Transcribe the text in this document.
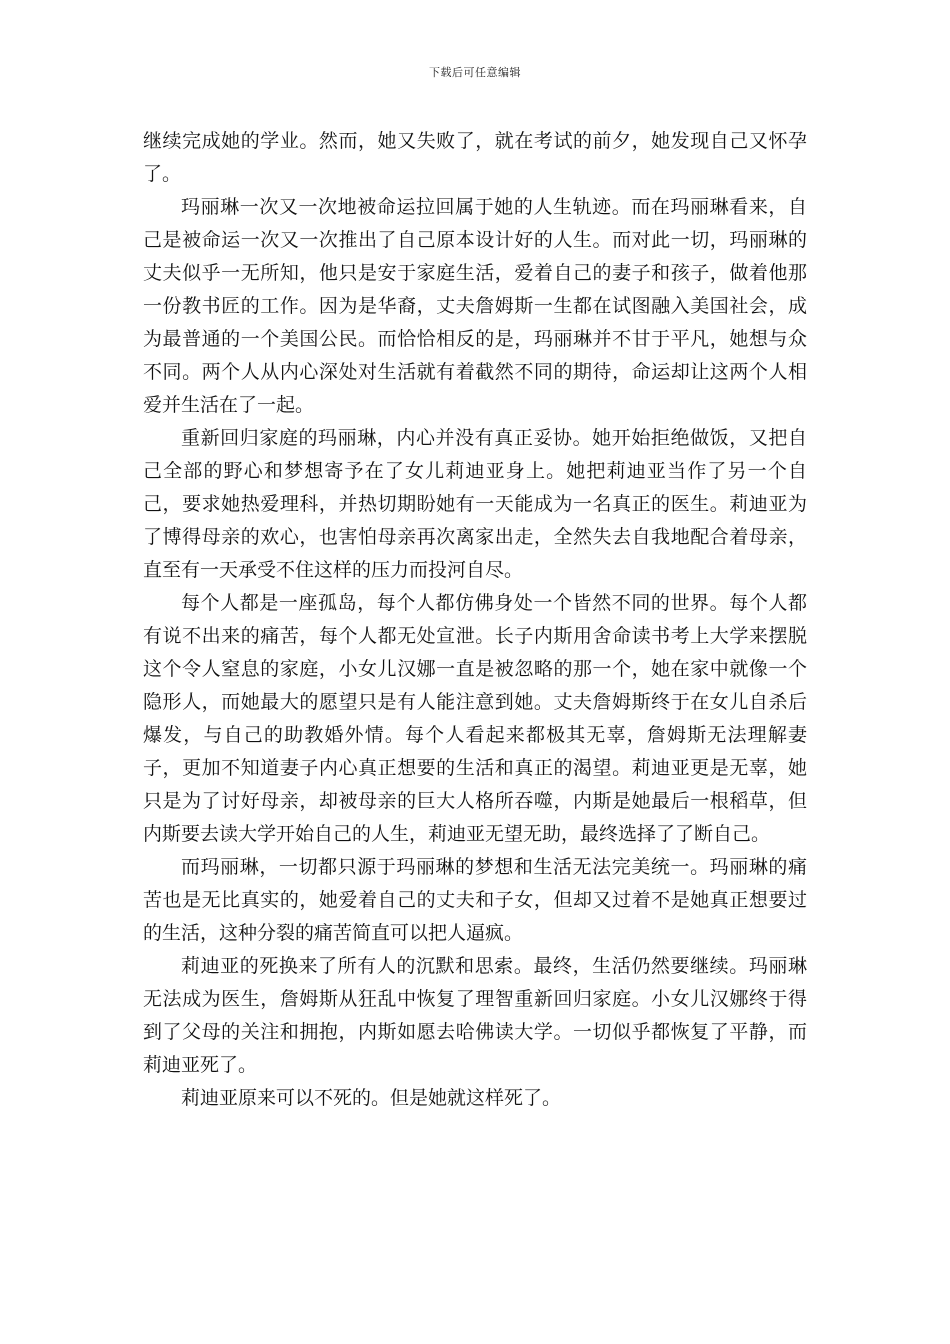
下载后可任意编辑

继续完成她的学业。然而，她又失败了，就在考试的前夕，她发现自己又怀孕了。

玛丽琳一次又一次地被命运拉回属于她的人生轨迹。而在玛丽琳看来，自己是被命运一次又一次推出了自己原本设计好的人生。而对此一切，玛丽琳的丈夫似乎一无所知，他只是安于家庭生活，爱着自己的妻子和孩子，做着他那一份教书匠的工作。因为是华裔，丈夫詹姆斯一生都在试图融入美国社会，成为最普通的一个美国公民。而恰恰相反的是，玛丽琳并不甘于平凡，她想与众不同。两个人从内心深处对生活就有着截然不同的期待，命运却让这两个人相爱并生活在了一起。

重新回归家庭的玛丽琳，内心并没有真正妥协。她开始拒绝做饭，又把自己全部的野心和梦想寄予在了女儿莉迪亚身上。她把莉迪亚当作了另一个自己，要求她热爱理科，并热切期盼她有一天能成为一名真正的医生。莉迪亚为了博得母亲的欢心，也害怕母亲再次离家出走，全然失去自我地配合着母亲，直至有一天承受不住这样的压力而投河自尽。

每个人都是一座孤岛，每个人都仿佛身处一个皆然不同的世界。每个人都有说不出来的痛苦，每个人都无处宣泄。长子内斯用舍命读书考上大学来摆脱这个令人窒息的家庭，小女儿汉娜一直是被忽略的那一个，她在家中就像一个隐形人，而她最大的愿望只是有人能注意到她。丈夫詹姆斯终于在女儿自杀后爆发，与自己的助教婚外情。每个人看起来都极其无辜，詹姆斯无法理解妻子，更加不知道妻子内心真正想要的生活和真正的渴望。莉迪亚更是无辜，她只是为了讨好母亲，却被母亲的巨大人格所吞噬，内斯是她最后一根稻草，但内斯要去读大学开始自己的人生，莉迪亚无望无助，最终选择了了断自己。

而玛丽琳，一切都只源于玛丽琳的梦想和生活无法完美统一。玛丽琳的痛苦也是无比真实的，她爱着自己的丈夫和子女，但却又过着不是她真正想要过的生活，这种分裂的痛苦简直可以把人逼疯。

莉迪亚的死换来了所有人的沉默和思索。最终，生活仍然要继续。玛丽琳无法成为医生，詹姆斯从狂乱中恢复了理智重新回归家庭。小女儿汉娜终于得到了父母的关注和拥抱，内斯如愿去哈佛读大学。一切似乎都恢复了平静，而莉迪亚死了。

莉迪亚原来可以不死的。但是她就这样死了。
